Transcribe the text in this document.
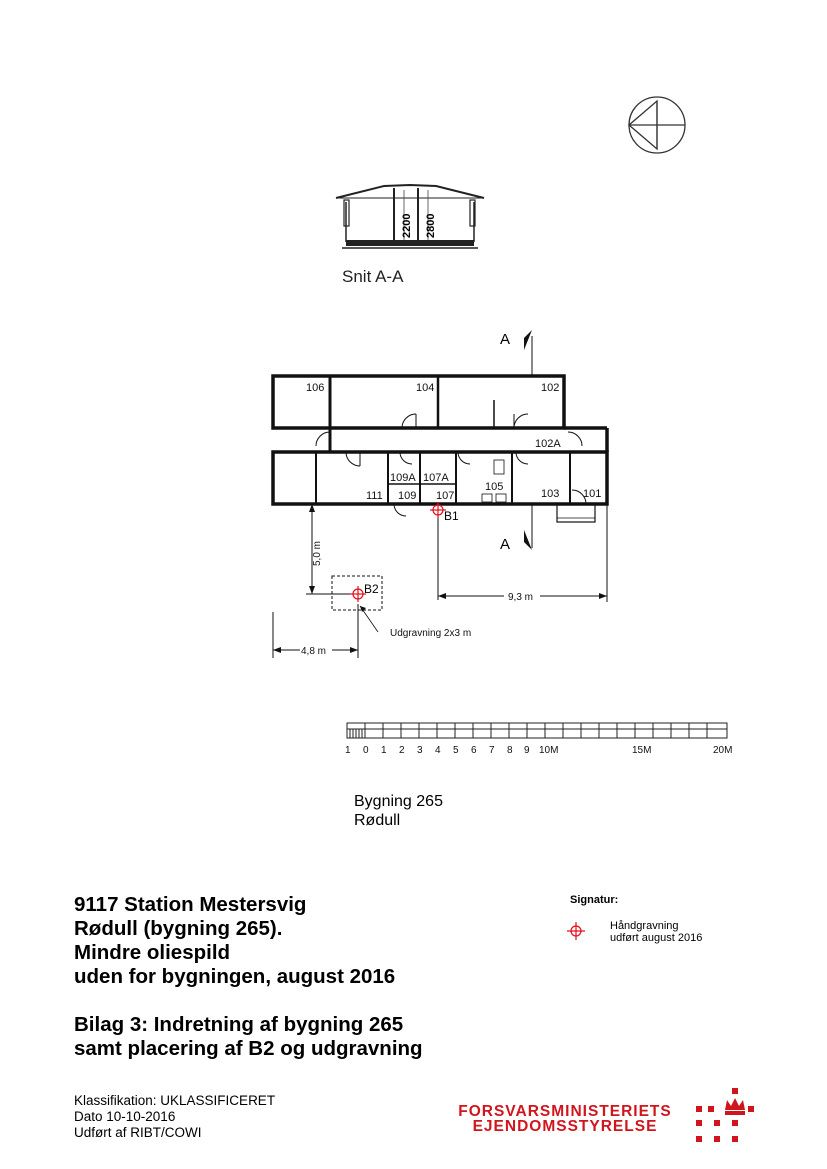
2200 2800
Snit A-A
106	104	102
102A
109A 107A
105
111 109 107	103 101
A
A
5,0 m
4,8 m
9,3 m
Udgravning 2x3 m
B1
B2
1 0 1 2 3 4 5 6 7 8 9 10M	15M	20M
Bygning 265
Rødull
9117 Station Mestersvig
Rødull (bygning 265).
Mindre oliespild
uden for bygningen, august 2016
Bilag 3: Indretning af bygning 265
samt placering af B2 og udgravning
Signatur:
Håndgravning
udført august 2016
Klassifikation: UKLASSIFICERET
Dato 10-10-2016
Udført af RIBT/COWI
FORSVARSMINISTERIETS
EJENDOMSSTYRELSE
